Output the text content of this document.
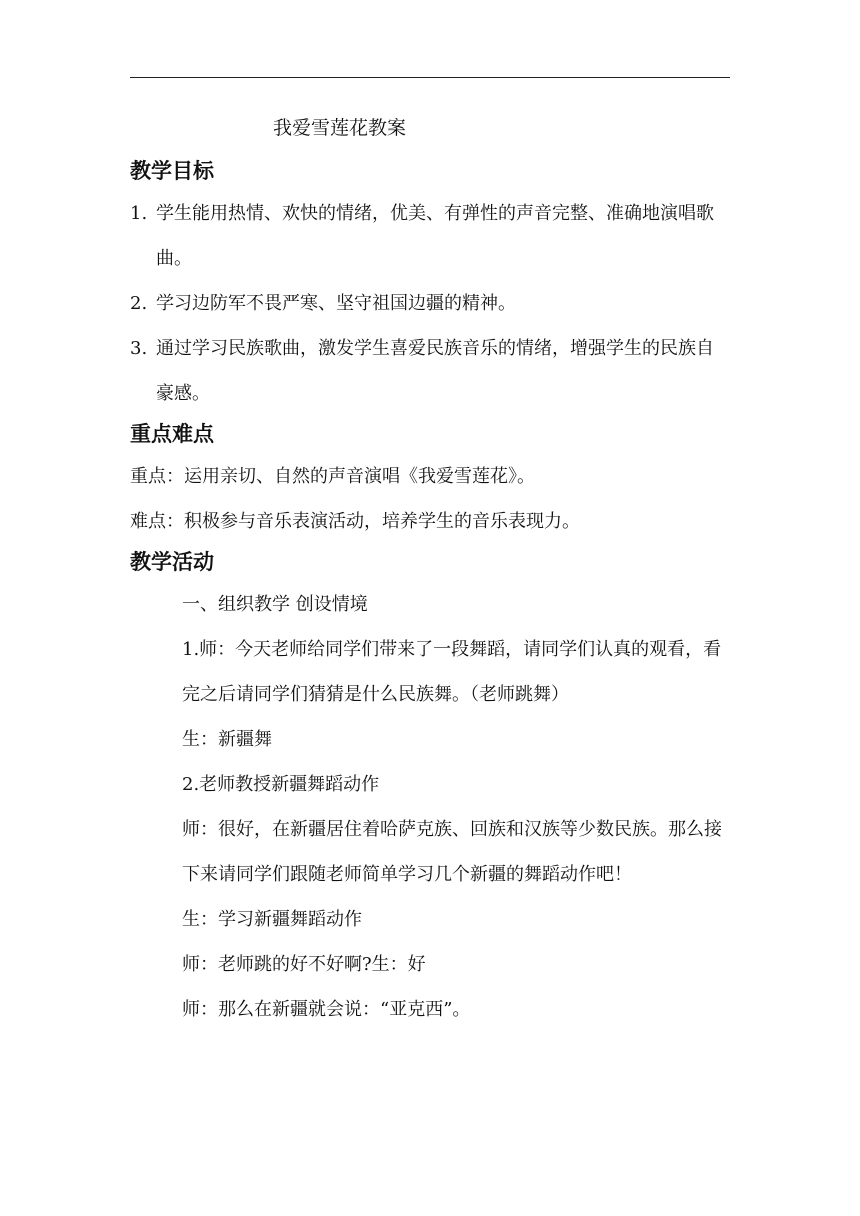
我爱雪莲花教案
教学目标
1. 学生能用热情、欢快的情绪，优美、有弹性的声音完整、准确地演唱歌曲。
2. 学习边防军不畏严寒、坚守祖国边疆的精神。
3. 通过学习民族歌曲，激发学生喜爱民族音乐的情绪，增强学生的民族自豪感。
重点难点
重点：运用亲切、自然的声音演唱《我爱雪莲花》。
难点：积极参与音乐表演活动，培养学生的音乐表现力。
教学活动
一、组织教学 创设情境
1.师：今天老师给同学们带来了一段舞蹈，请同学们认真的观看，看完之后请同学们猜猜是什么民族舞。（老师跳舞）
生：新疆舞
2.老师教授新疆舞蹈动作
师：很好，在新疆居住着哈萨克族、回族和汉族等少数民族。那么接下来请同学们跟随老师简单学习几个新疆的舞蹈动作吧！
生：学习新疆舞蹈动作
师：老师跳的好不好啊?生：好
师：那么在新疆就会说：“亚克西”。
